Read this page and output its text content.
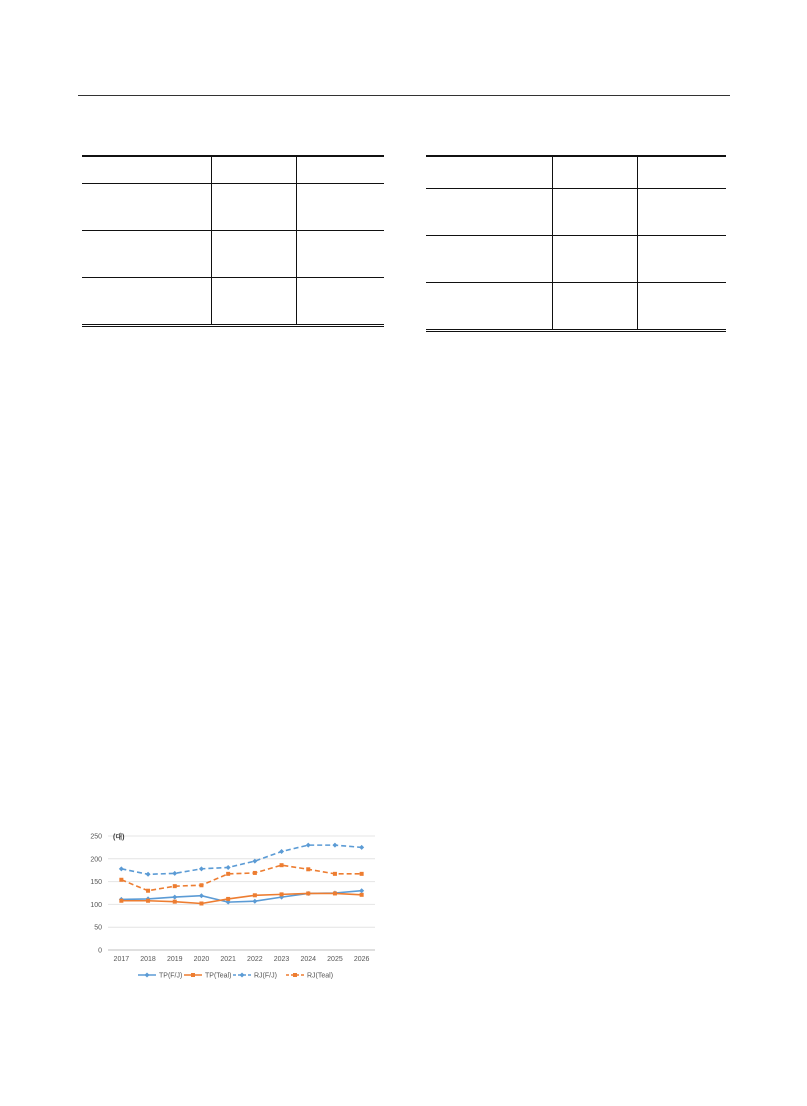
0
50
100
150
200
250
2017 2018 2019 2020 2021 2022 2023 2024 2025 2026
TP(F/J)	TP(Teal)	RJ(F/J)	RJ(Teal)
(대)
